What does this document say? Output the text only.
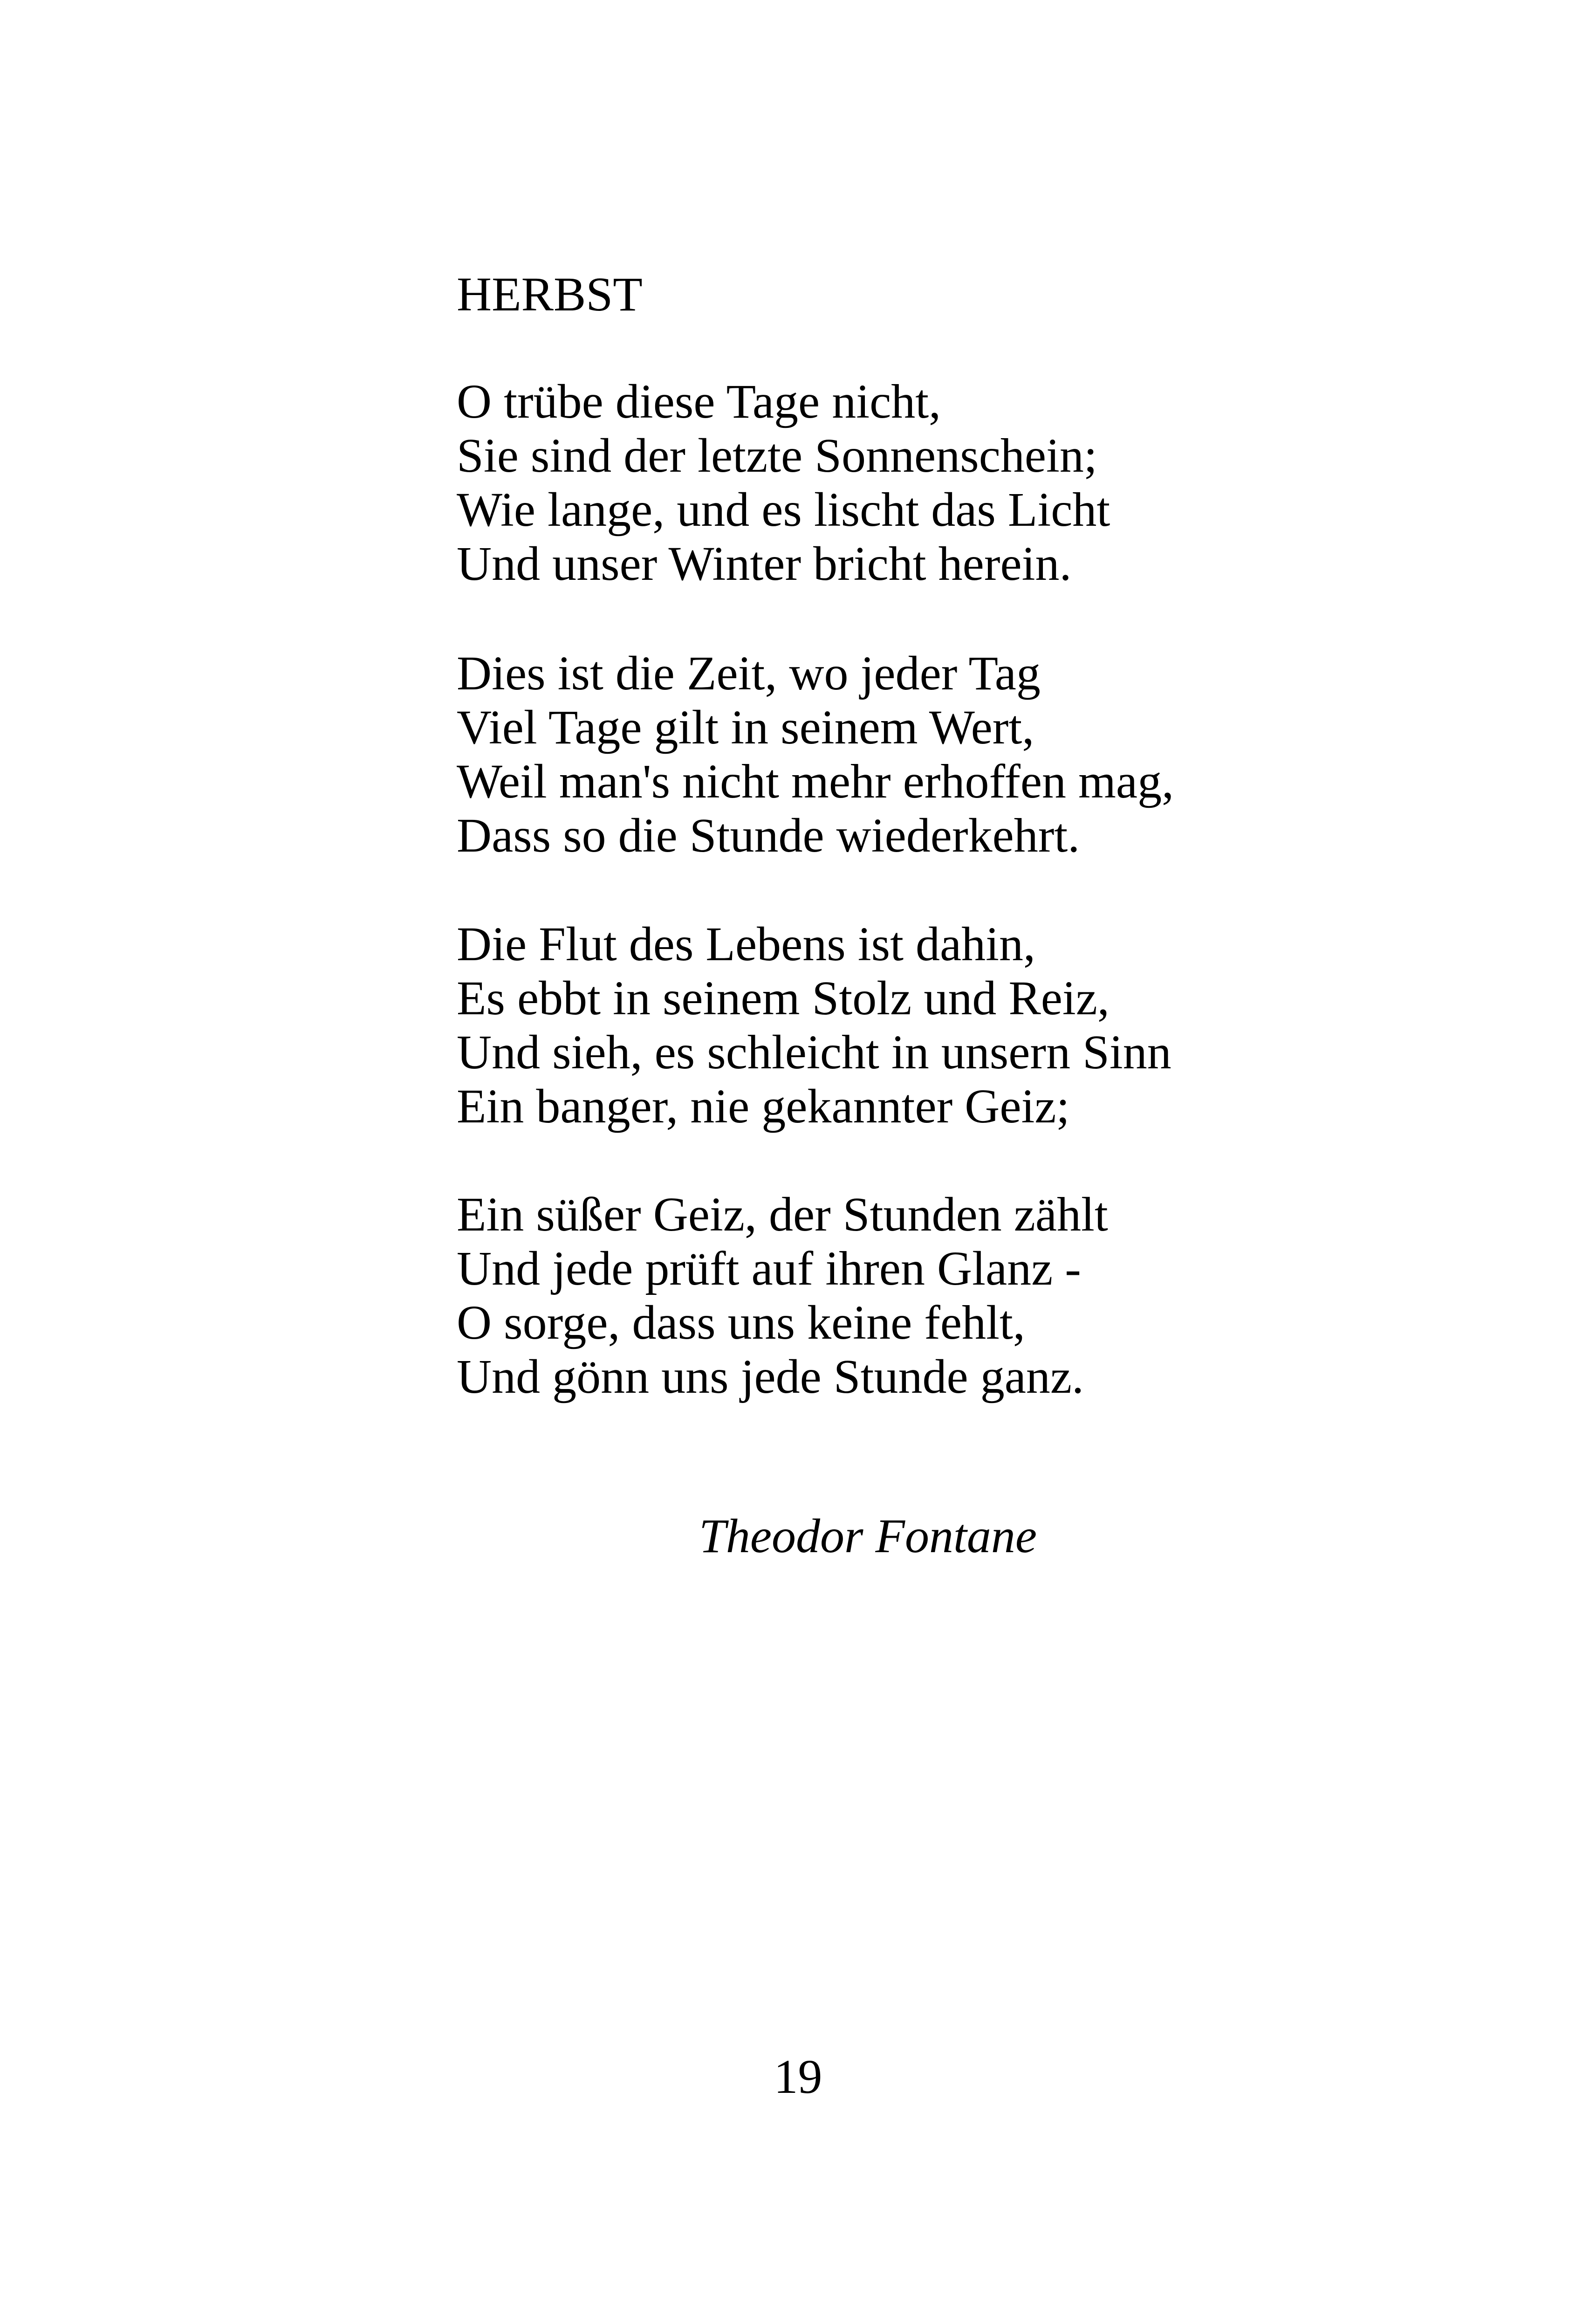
HERBST
O trübe diese Tage nicht,
Sie sind der letzte Sonnenschein;
Wie lange, und es lischt das Licht
Und unser Winter bricht herein.
Dies ist die Zeit, wo jeder Tag
Viel Tage gilt in seinem Wert,
Weil man's nicht mehr erhoffen mag,
Dass so die Stunde wiederkehrt.
Die Flut des Lebens ist dahin,
Es ebbt in seinem Stolz und Reiz,
Und sieh, es schleicht in unsern Sinn
Ein banger, nie gekannter Geiz;
Ein süßer Geiz, der Stunden zählt
Und jede prüft auf ihren Glanz -
O sorge, dass uns keine fehlt,
Und gönn uns jede Stunde ganz.
Theodor Fontane
19
